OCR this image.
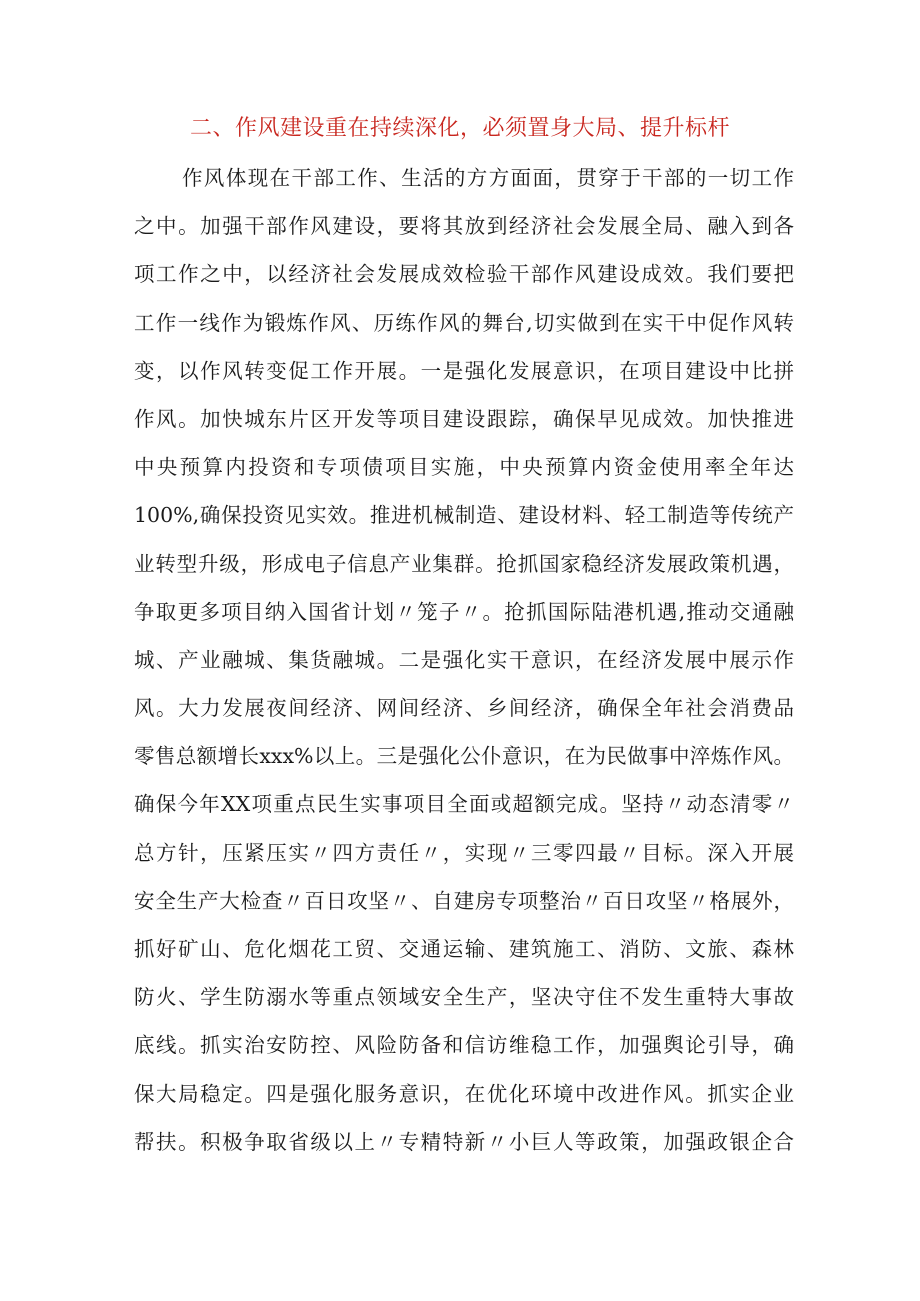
二、作风建设重在持续深化，必须置身大局、提升标杆
作风体现在干部工作、生活的方方面面，贯穿于干部的一切工作
之中。加强干部作风建设，要将其放到经济社会发展全局、融入到各
项工作之中，以经济社会发展成效检验干部作风建设成效。我们要把
工作一线作为锻炼作风、历练作风的舞台,切实做到在实干中促作风转
变，以作风转变促工作开展。一是强化发展意识，在项目建设中比拼
作风。加快城东片区开发等项目建设跟踪，确保早见成效。加快推进
中央预算内投资和专项债项目实施，中央预算内资金使用率全年达
100%,确保投资见实效。推进机械制造、建设材料、轻工制造等传统产
业转型升级，形成电子信息产业集群。抢抓国家稳经济发展政策机遇，
争取更多项目纳入国省计划〃笼子〃。抢抓国际陆港机遇,推动交通融
城、产业融城、集货融城。二是强化实干意识，在经济发展中展示作
风。大力发展夜间经济、网间经济、乡间经济，确保全年社会消费品
零售总额增长xxx%以上。三是强化公仆意识，在为民做事中淬炼作风。
确保今年XX项重点民生实事项目全面或超额完成。坚持〃动态清零〃
总方针，压紧压实〃四方责任〃，实现〃三零四最〃目标。深入开展
安全生产大检查〃百日攻坚〃、自建房专项整治〃百日攻坚〃格展外，
抓好矿山、危化烟花工贸、交通运输、建筑施工、消防、文旅、森林
防火、学生防溺水等重点领域安全生产，坚决守住不发生重特大事故
底线。抓实治安防控、风险防备和信访维稳工作，加强舆论引导，确
保大局稳定。四是强化服务意识，在优化环境中改进作风。抓实企业
帮扶。积极争取省级以上〃专精特新〃小巨人等政策，加强政银企合
